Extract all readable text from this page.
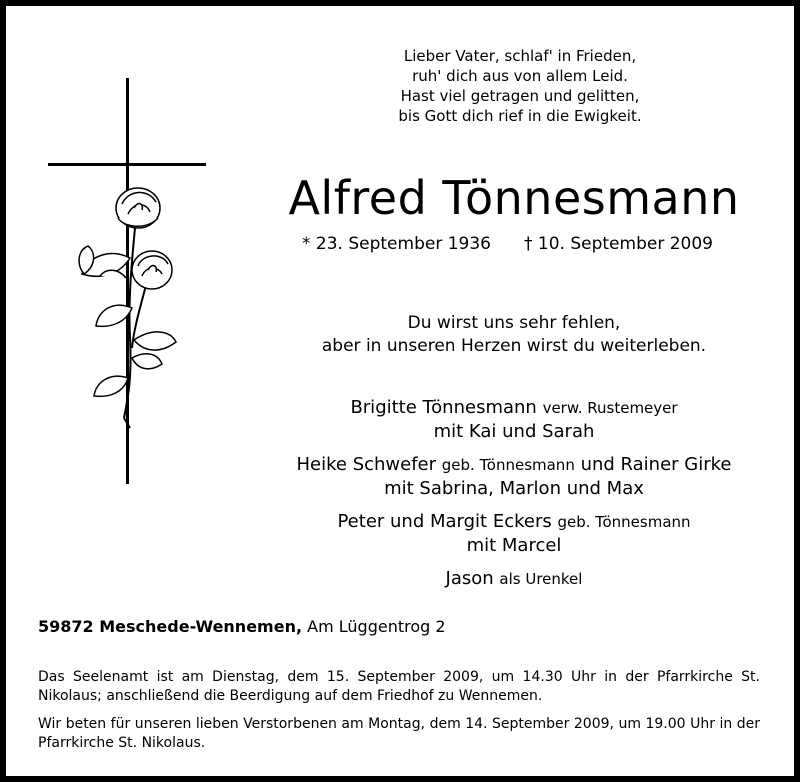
Lieber Vater, schlaf' in Frieden,
ruh' dich aus von allem Leid.
Hast viel getragen und gelitten,
bis Gott dich rief in die Ewigkeit.
Alfred Tönnesmann
* 23. September 1936 † 10. September 2009
Du wirst uns sehr fehlen,
aber in unseren Herzen wirst du weiterleben.
Brigitte Tönnesmann verw. Rustemeyer
mit Kai und Sarah
Heike Schwefer geb. Tönnesmann und Rainer Girke
mit Sabrina, Marlon und Max
Peter und Margit Eckers geb. Tönnesmann
mit Marcel
Jason als Urenkel
59872 Meschede-Wennemen, Am Lüggentrog 2
Das Seelenamt ist am Dienstag, dem 15. September 2009, um 14.30 Uhr in der Pfarrkirche St. Nikolaus; anschließend die Beerdigung auf dem Friedhof zu Wennemen.
Wir beten für unseren lieben Verstorbenen am Montag, dem 14. September 2009, um 19.00 Uhr in der Pfarrkirche St. Nikolaus.
